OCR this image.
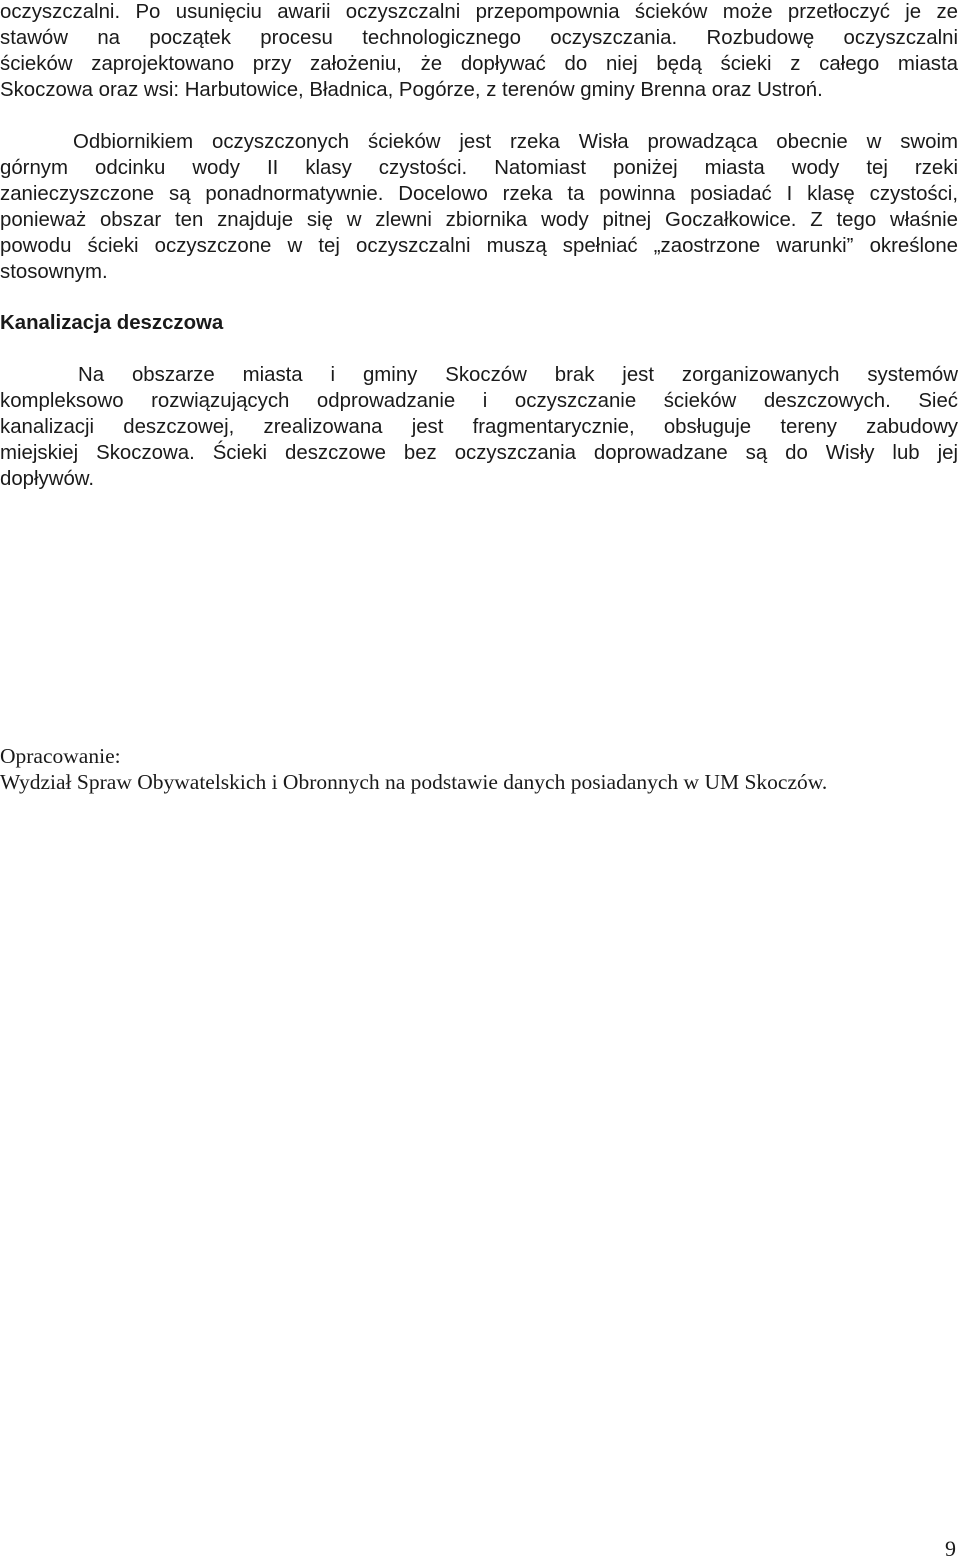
oczyszczalni. Po usunięciu awarii oczyszczalni przepompownia ścieków może przetłoczyć je ze
stawów na początek procesu technologicznego oczyszczania. Rozbudowę oczyszczalni
ścieków zaprojektowano przy założeniu, że dopływać do niej będą ścieki z całego miasta
Skoczowa oraz wsi: Harbutowice, Bładnica, Pogórze, z terenów gminy Brenna oraz Ustroń.
Odbiornikiem oczyszczonych ścieków jest rzeka Wisła prowadząca obecnie w swoim
górnym odcinku wody II klasy czystości. Natomiast poniżej miasta wody tej rzeki
zanieczyszczone są ponadnormatywnie. Docelowo rzeka ta powinna posiadać I klasę czystości,
ponieważ obszar ten znajduje się w zlewni zbiornika wody pitnej Goczałkowice. Z tego właśnie
powodu ścieki oczyszczone w tej oczyszczalni muszą spełniać „zaostrzone warunki” określone
stosownym.
Kanalizacja deszczowa
Na obszarze miasta i gminy Skoczów brak jest zorganizowanych systemów
kompleksowo rozwiązujących odprowadzanie i oczyszczanie ścieków deszczowych. Sieć
kanalizacji deszczowej, zrealizowana jest fragmentarycznie, obsługuje tereny zabudowy
miejskiej Skoczowa. Ścieki deszczowe bez oczyszczania doprowadzane są do Wisły lub jej
dopływów.
Opracowanie:
Wydział Spraw Obywatelskich i Obronnych na podstawie danych posiadanych w UM Skoczów.
9
